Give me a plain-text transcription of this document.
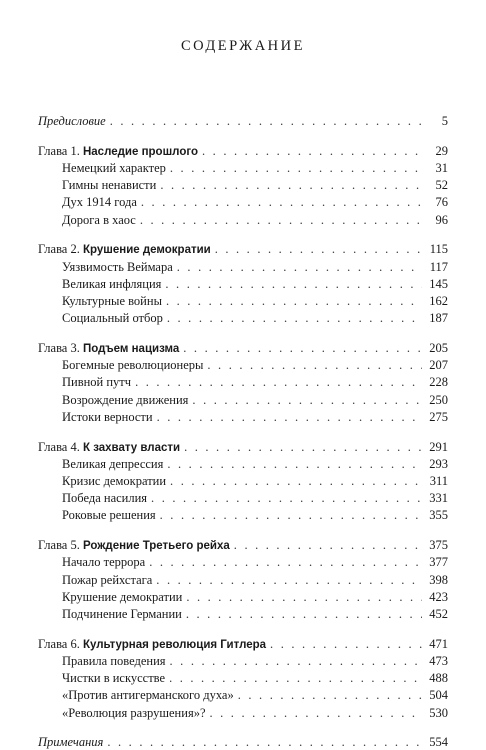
СОДЕРЖАНИЕ
Предисловие . . .	5
Глава 1. Наследие прошлого . . .	29
Немецкий характер . . .	31
Гимны ненависти . . .	52
Дух 1914 года . . .	76
Дорога в хаос . . .	96
Глава 2. Крушение демократии . . .	115
Уязвимость Веймара . . .	117
Великая инфляция . . .	145
Культурные войны . . .	162
Социальный отбор . . .	187
Глава 3. Подъем нацизма . . .	205
Богемные революционеры . . .	207
Пивной путч . . .	228
Возрождение движения . . .	250
Истоки верности . . .	275
Глава 4. К захвату власти . . .	291
Великая депрессия . . .	293
Кризис демократии . . .	311
Победа насилия . . .	331
Роковые решения . . .	355
Глава 5. Рождение Третьего рейха . . .	375
Начало террора . . .	377
Пожар рейхстага . . .	398
Крушение демократии . . .	423
Подчинение Германии . . .	452
Глава 6. Культурная революция Гитлера . . .	471
Правила поведения . . .	473
Чистки в искусстве . . .	488
«Против антигерманского духа» . . .	504
«Революция разрушения»? . . .	530
Примечания . . .	554
